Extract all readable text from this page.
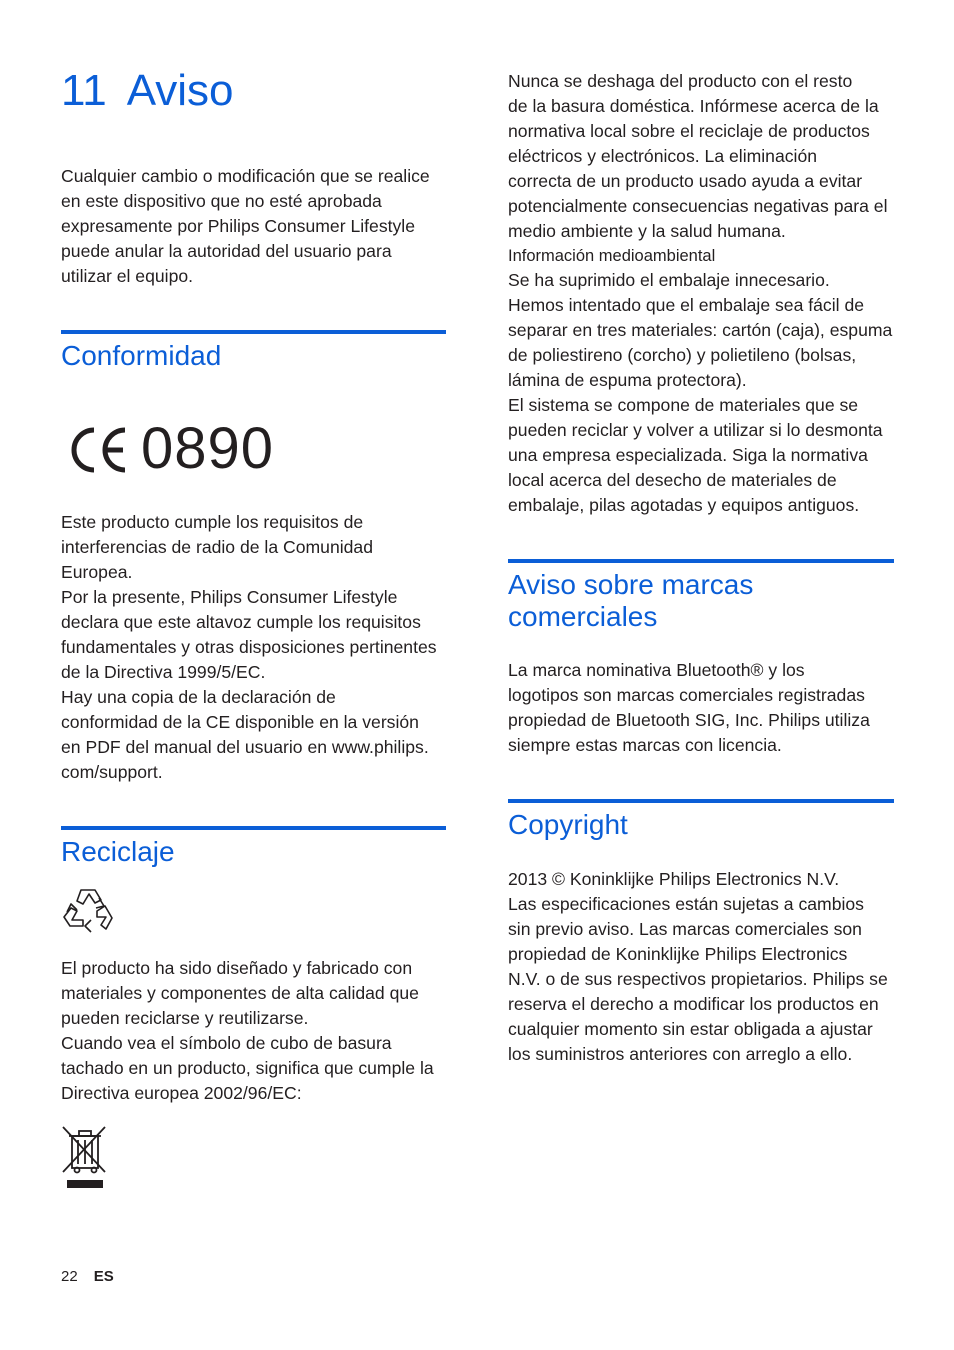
11 Aviso

Cualquier cambio o modificación que se realice
en este dispositivo que no esté aprobada
expresamente por Philips Consumer Lifestyle
puede anular la autoridad del usuario para
utilizar el equipo.

Conformidad
0890

Este producto cumple los requisitos de
interferencias de radio de la Comunidad
Europea.
Por la presente, Philips Consumer Lifestyle
declara que este altavoz cumple los requisitos
fundamentales y otras disposiciones pertinentes
de la Directiva 1999/5/EC.
Hay una copia de la declaración de
conformidad de la CE disponible en la versión
en PDF del manual del usuario en www.philips.
com/support.

Reciclaje

El producto ha sido diseñado y fabricado con
materiales y componentes de alta calidad que
pueden reciclarse y reutilizarse.
Cuando vea el símbolo de cubo de basura
tachado en un producto, significa que cumple la
Directiva europea 2002/96/EC:

Nunca se deshaga del producto con el resto
de la basura doméstica. Infórmese acerca de la
normativa local sobre el reciclaje de productos
eléctricos y electrónicos. La eliminación
correcta de un producto usado ayuda a evitar
potencialmente consecuencias negativas para el
medio ambiente y la salud humana.

Información medioambiental

Se ha suprimido el embalaje innecesario.
Hemos intentado que el embalaje sea fácil de
separar en tres materiales: cartón (caja), espuma
de poliestireno (corcho) y polietileno (bolsas,
lámina de espuma protectora).
El sistema se compone de materiales que se
pueden reciclar y volver a utilizar si lo desmonta
una empresa especializada. Siga la normativa
local acerca del desecho de materiales de
embalaje, pilas agotadas y equipos antiguos.

Aviso sobre marcas
comerciales

La marca nominativa Bluetooth® y los
logotipos son marcas comerciales registradas
propiedad de Bluetooth SIG, Inc. Philips utiliza
siempre estas marcas con licencia.

Copyright

2013 © Koninklijke Philips Electronics N.V.
Las especificaciones están sujetas a cambios
sin previo aviso. Las marcas comerciales son
propiedad de Koninklijke Philips Electronics
N.V. o de sus respectivos propietarios. Philips se
reserva el derecho a modificar los productos en
cualquier momento sin estar obligada a ajustar
los suministros anteriores con arreglo a ello.

22 ES
